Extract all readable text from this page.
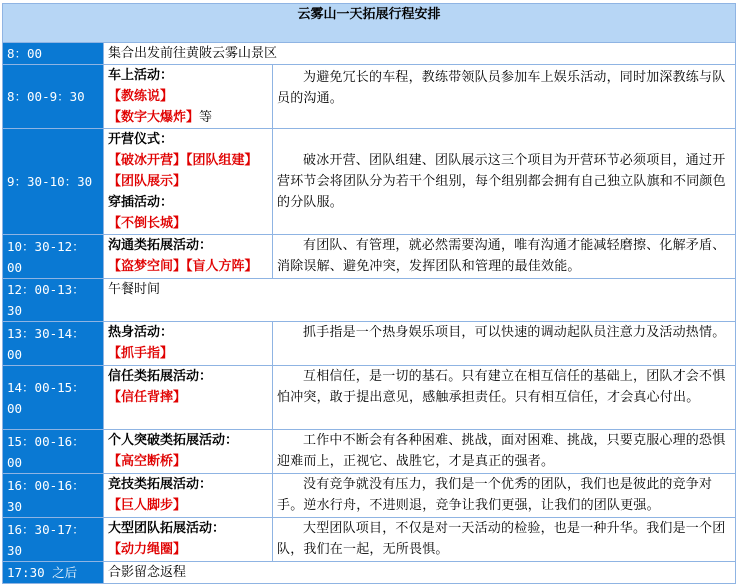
云雾山一天拓展行程安排		
8：00	集合出发前往黄陂云雾山景区	
8：00-9：30	车上活动：
【教练说】
【数字大爆炸】等	为避免冗长的车程，教练带领队员参加车上娱乐活动，同时加深教练与队员的沟通。

9：30-10：30	开营仪式：
【破冰开营】【团队组建】
【团队展示】
穿插活动：
【不倒长城】	破冰开营、团队组建、团队展示这三个项目为开营环节必须项目，通过开营环节会将团队分为若干个组别，每个组别都会拥有自己独立队旗和不同颜色的分队服。

10：30-12：00	沟通类拓展活动：
【盗梦空间】【盲人方阵】	有团队、有管理，就必然需要沟通，唯有沟通才能减轻磨擦、化解矛盾、消除误解、避免冲突，发挥团队和管理的最佳效能。

12：00-13：30	午餐时间	
13：30-14：00	热身活动：
【抓手指】	抓手指是一个热身娱乐项目，可以快速的调动起队员注意力及活动热情。

14：00-15：00	信任类拓展活动：
【信任背摔】	互相信任，是一切的基石。只有建立在相互信任的基础上，团队才会不惧怕冲突，敢于提出意见，感触承担责任。只有相互信任，才会真心付出。

15：00-16：00	个人突破类拓展活动：
【高空断桥】	工作中不断会有各种困难、挑战，面对困难、挑战，只要克服心理的恐惧迎难而上，正视它、战胜它，才是真正的强者。

16：00-16：30	竞技类拓展活动：
【巨人脚步】	没有竞争就没有压力，我们是一个优秀的团队，我们也是彼此的竞争对手。逆水行舟，不进则退，竞争让我们更强，让我们的团队更强。

16：30-17：30	大型团队拓展活动：
【动力绳圈】	大型团队项目，不仅是对一天活动的检验，也是一种升华。我们是一个团队，我们在一起，无所畏惧。

17:30 之后	合影留念返程	
